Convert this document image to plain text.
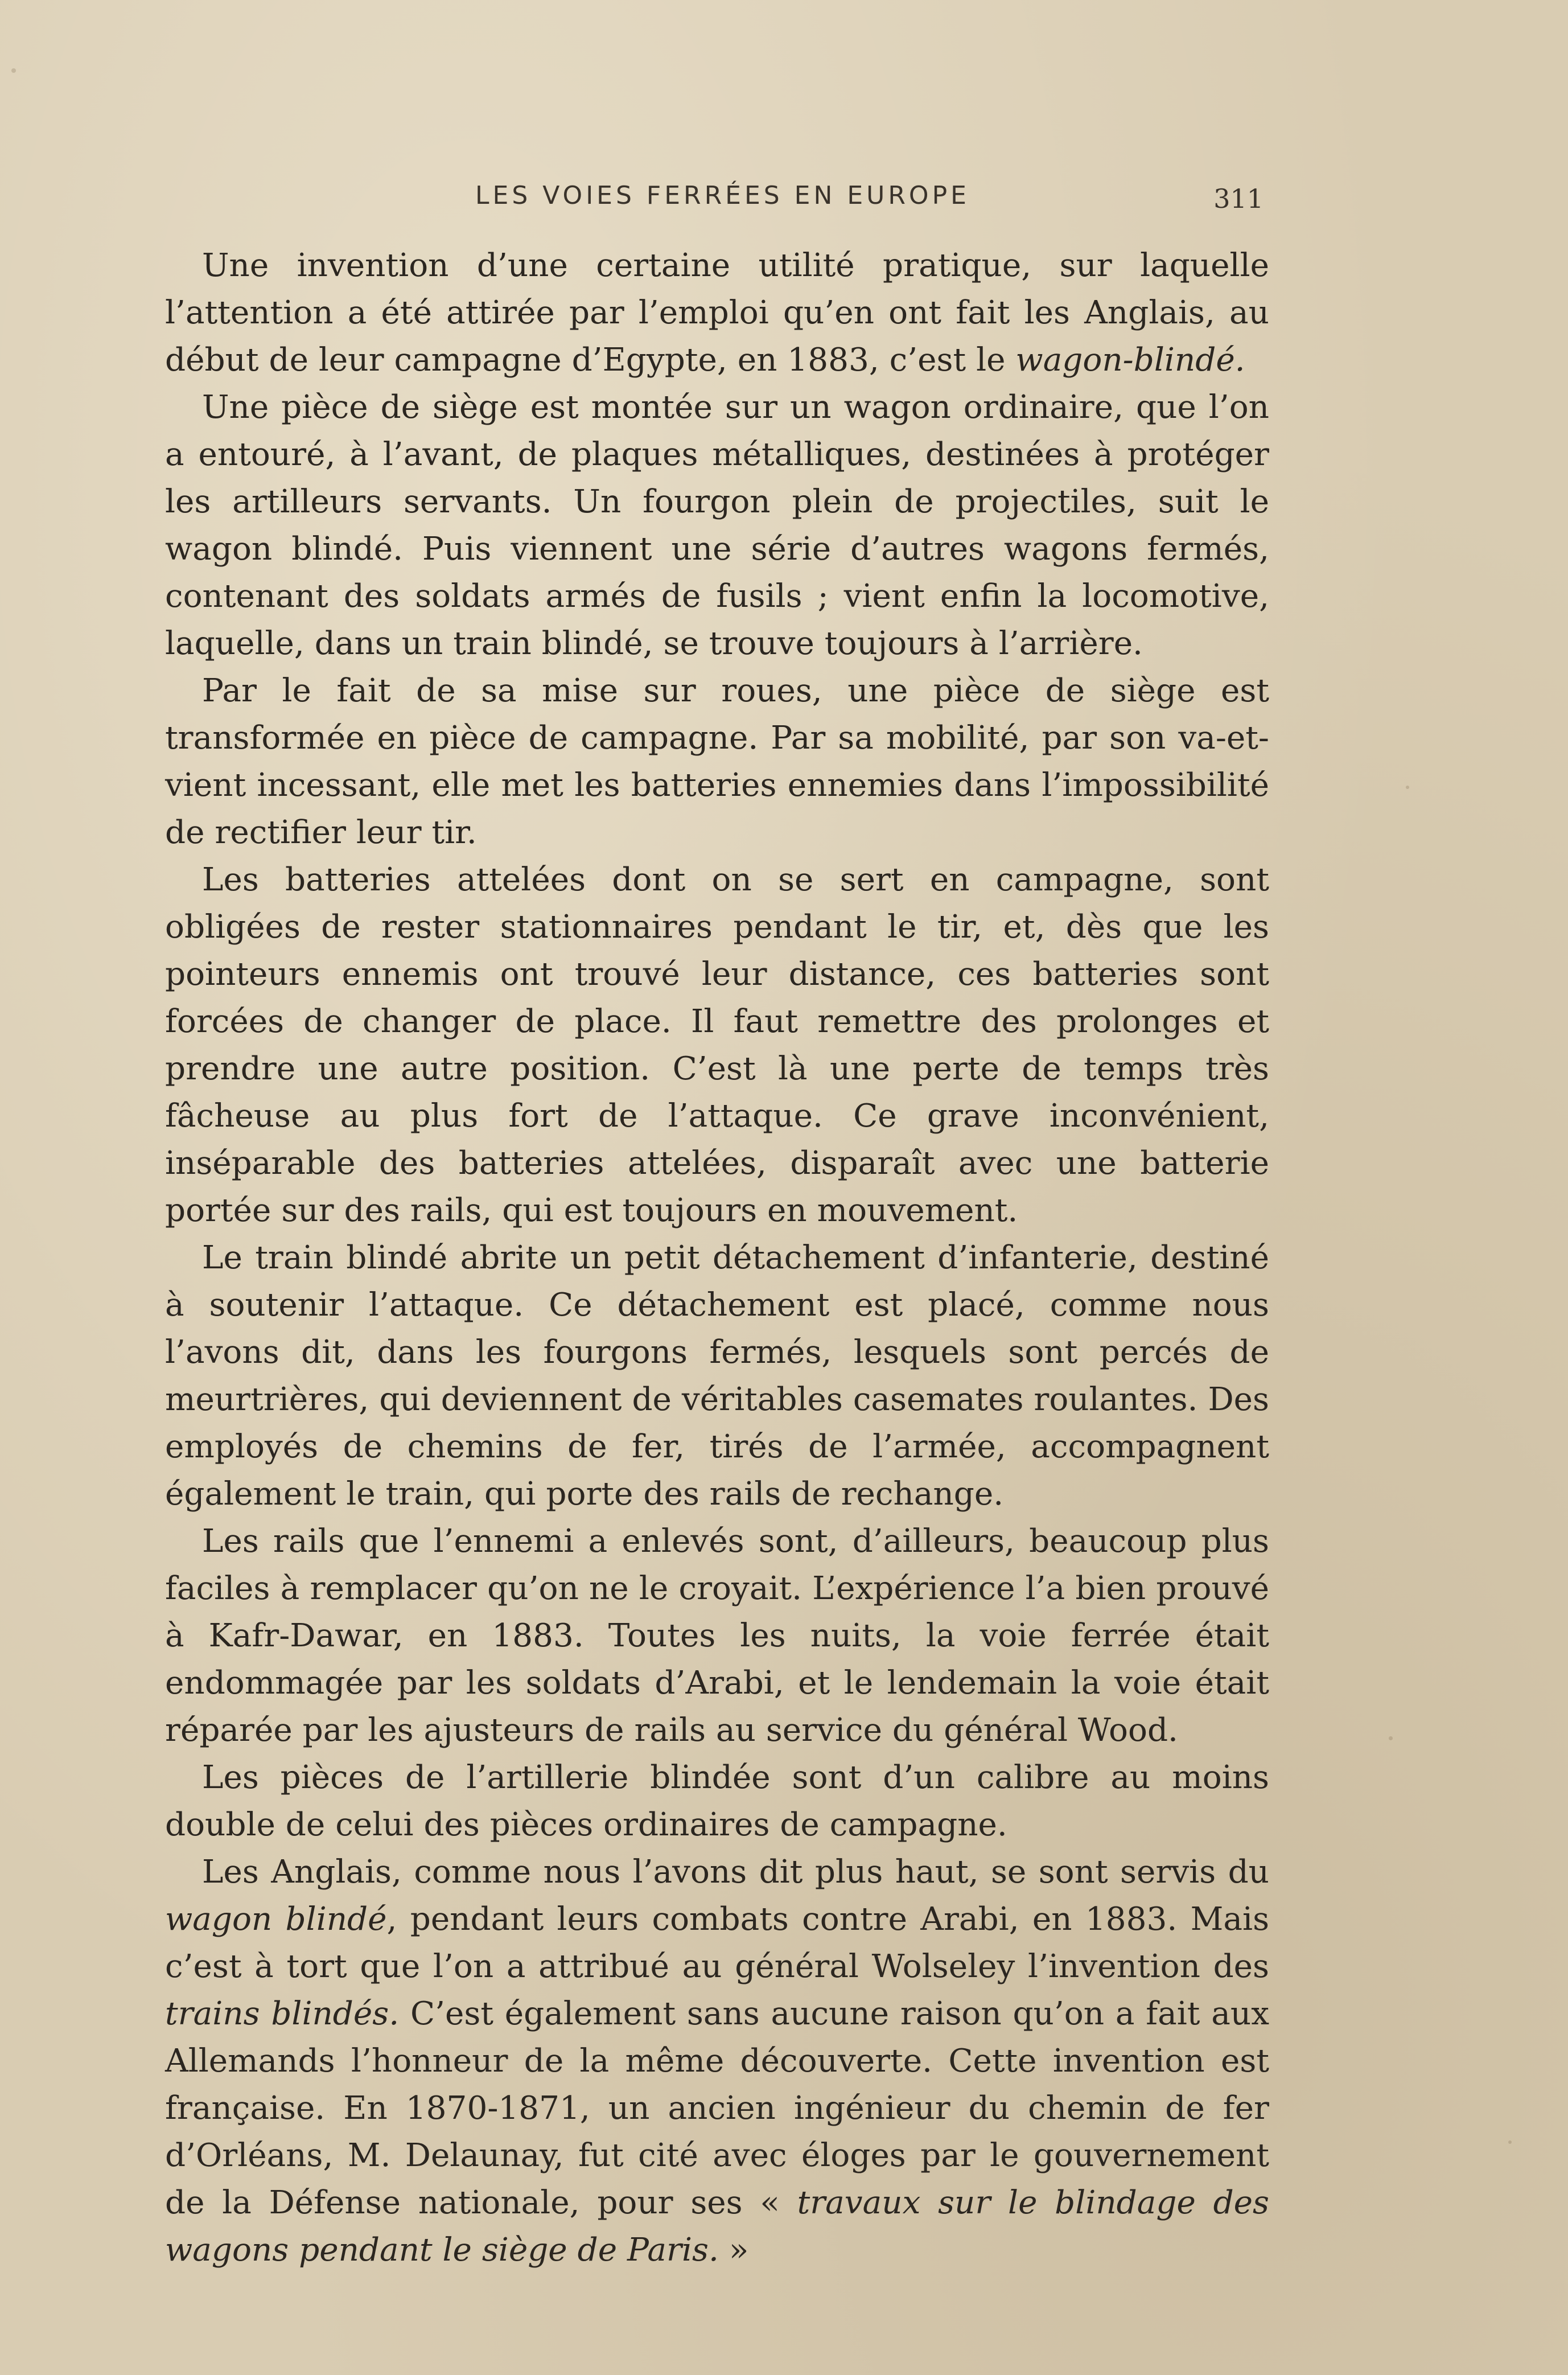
LES VOIES FERRÉES EN EUROPE	311

Une invention d’une certaine utilité pratique, sur laquelle l’attention a été attirée par l’emploi qu’en ont fait les Anglais, au début de leur campagne d’Egypte, en 1883, c’est le wagon-blindé.

Une pièce de siège est montée sur un wagon ordinaire, que l’on a entouré, à l’avant, de plaques métalliques, destinées à protéger les artilleurs servants. Un fourgon plein de projectiles, suit le wagon blindé. Puis viennent une série d’autres wagons fermés, contenant des soldats armés de fusils ; vient enfin la locomotive, laquelle, dans un train blindé, se trouve toujours à l’arrière.

Par le fait de sa mise sur roues, une pièce de siège est transformée en pièce de campagne. Par sa mobilité, par son va-et-vient incessant, elle met les batteries ennemies dans l’impossibilité de rectifier leur tir.

Les batteries attelées dont on se sert en campagne, sont obligées de rester stationnaires pendant le tir, et, dès que les pointeurs ennemis ont trouvé leur distance, ces batteries sont forcées de changer de place. Il faut remettre des prolonges et prendre une autre position. C’est là une perte de temps très fâcheuse au plus fort de l’attaque. Ce grave inconvénient, inséparable des batteries attelées, disparaît avec une batterie portée sur des rails, qui est toujours en mouvement.

Le train blindé abrite un petit détachement d’infanterie, destiné à soutenir l’attaque. Ce détachement est placé, comme nous l’avons dit, dans les fourgons fermés, lesquels sont percés de meurtrières, qui deviennent de véritables casemates roulantes. Des employés de chemins de fer, tirés de l’armée, accompagnent également le train, qui porte des rails de rechange.

Les rails que l’ennemi a enlevés sont, d’ailleurs, beaucoup plus faciles à remplacer qu’on ne le croyait. L’expérience l’a bien prouvé à Kafr-Dawar, en 1883. Toutes les nuits, la voie ferrée était endommagée par les soldats d’Arabi, et le lendemain la voie était réparée par les ajusteurs de rails au service du général Wood.

Les pièces de l’artillerie blindée sont d’un calibre au moins double de celui des pièces ordinaires de campagne.

Les Anglais, comme nous l’avons dit plus haut, se sont servis du wagon blindé, pendant leurs combats contre Arabi, en 1883. Mais c’est à tort que l’on a attribué au général Wolseley l’invention des trains blindés. C’est également sans aucune raison qu’on a fait aux Allemands l’honneur de la même découverte. Cette invention est française. En 1870-1871, un ancien ingénieur du chemin de fer d’Orléans, M. Delaunay, fut cité avec éloges par le gouvernement de la Défense nationale, pour ses « travaux sur le blindage des wagons pendant le siège de Paris. »
